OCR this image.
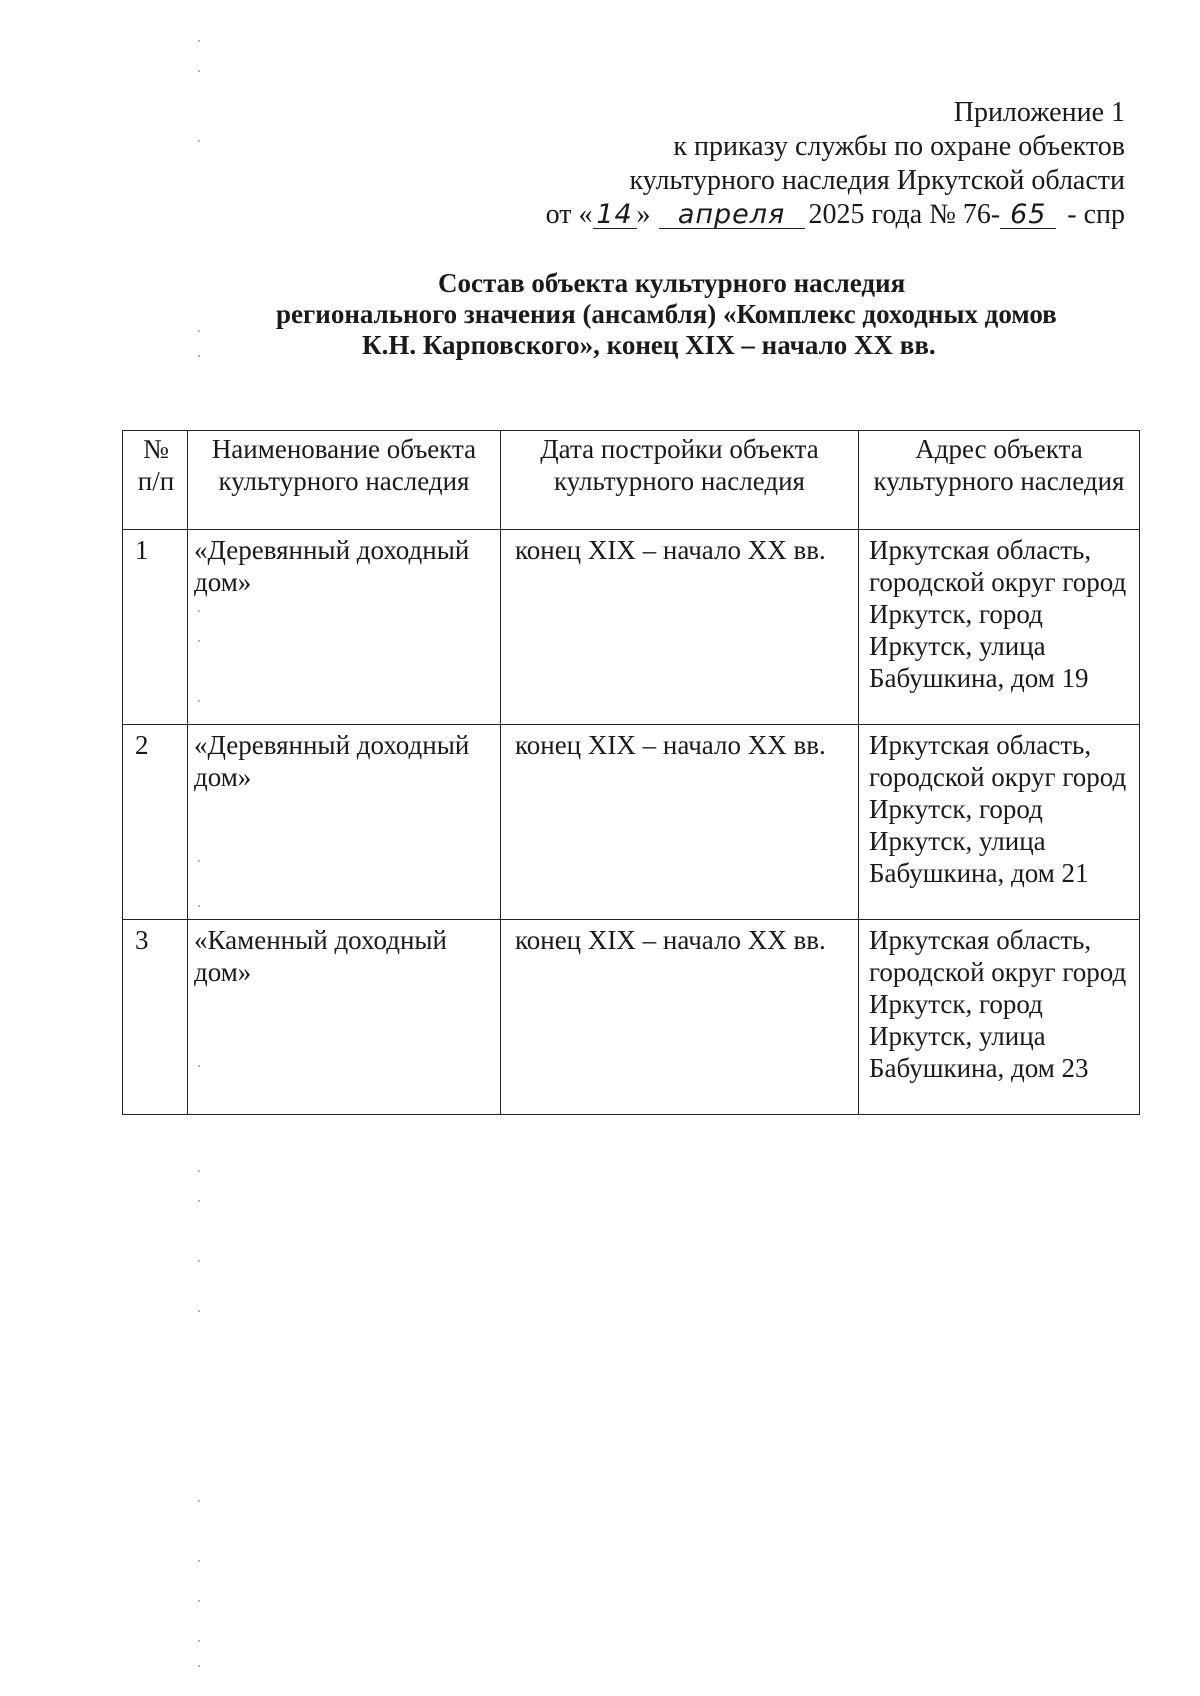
Приложение 1
к приказу службы по охране объектов
культурного наследия Иркутской области
от « 14 » апреля 2025 года № 76- 65 - спр
Состав объекта культурного наследия
регионального значения (ансамбля) «Комплекс доходных домов
К.Н. Карповского», конец XIX – начало XX вв.
№ п/п	Наименование объекта культурного наследия	Дата постройки объекта культурного наследия	Адрес объекта культурного наследия
1	«Деревянный доходный дом»	конец XIX – начало XX вв.	Иркутская область, городской округ город Иркутск, город Иркутск, улица Бабушкина, дом 19
2	«Деревянный доходный дом»	конец XIX – начало XX вв.	Иркутская область, городской округ город Иркутск, город Иркутск, улица Бабушкина, дом 21
3	«Каменный доходный дом»	конец XIX – начало XX вв.	Иркутская область, городской округ город Иркутск, город Иркутск, улица Бабушкина, дом 23
